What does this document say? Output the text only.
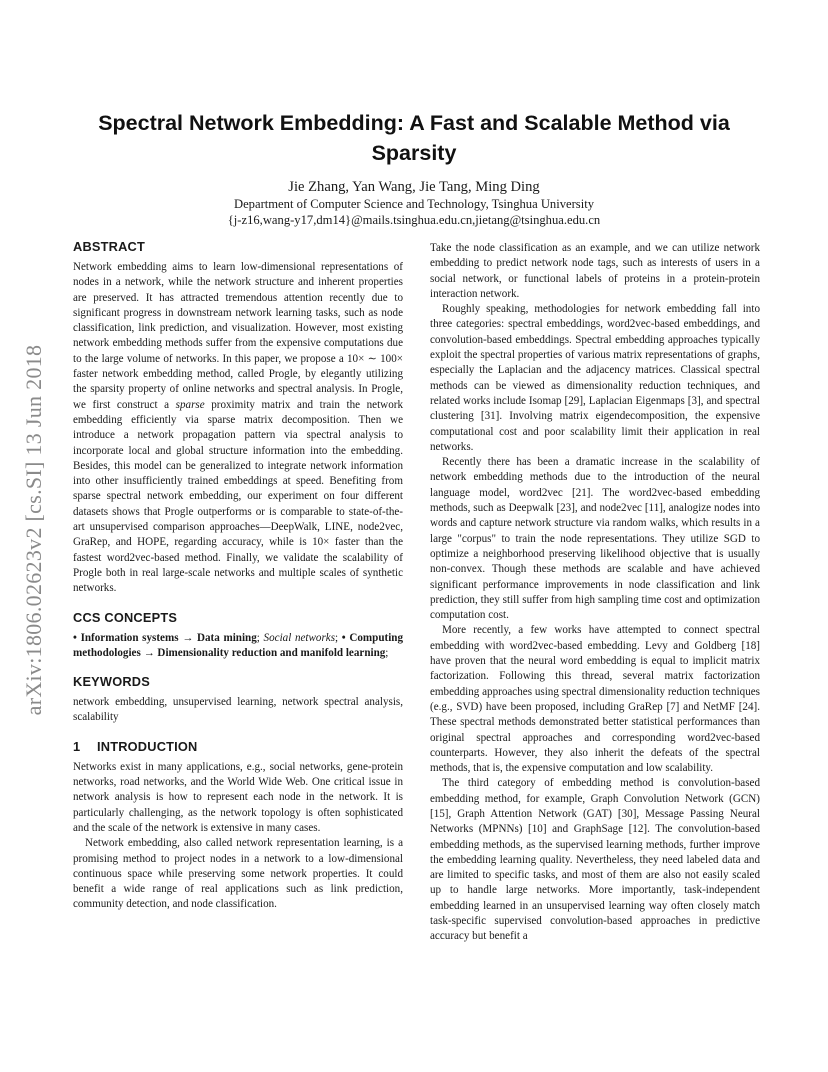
arXiv:1806.02623v2 [cs.SI] 13 Jun 2018
Spectral Network Embedding: A Fast and Scalable Method via Sparsity
Jie Zhang, Yan Wang, Jie Tang, Ming Ding
Department of Computer Science and Technology, Tsinghua University
{j-z16,wang-y17,dm14}@mails.tsinghua.edu.cn,jietang@tsinghua.edu.cn
ABSTRACT

Network embedding aims to learn low-dimensional representations of nodes in a network, while the network structure and inherent properties are preserved. It has attracted tremendous attention recently due to significant progress in downstream network learning tasks, such as node classification, link prediction, and visualization. However, most existing network embedding methods suffer from the expensive computations due to the large volume of networks. In this paper, we propose a 10× ∼ 100× faster network embedding method, called Progle, by elegantly utilizing the sparsity property of online networks and spectral analysis. In Progle, we first construct a sparse proximity matrix and train the network embedding efficiently via sparse matrix decomposition. Then we introduce a network propagation pattern via spectral analysis to incorporate local and global structure information into the embedding. Besides, this model can be generalized to integrate network information into other insufficiently trained embeddings at speed. Benefiting from sparse spectral network embedding, our experiment on four different datasets shows that Progle outperforms or is comparable to state-of-the-art unsupervised comparison approaches—DeepWalk, LINE, node2vec, GraRep, and HOPE, regarding accuracy, while is 10× faster than the fastest word2vec-based method. Finally, we validate the scalability of Progle both in real large-scale networks and multiple scales of synthetic networks.

CCS CONCEPTS

• Information systems → Data mining; Social networks; • Computing methodologies → Dimensionality reduction and manifold learning;

KEYWORDS

network embedding, unsupervised learning, network spectral analysis, scalability

1 INTRODUCTION

Networks exist in many applications, e.g., social networks, gene-protein networks, road networks, and the World Wide Web. One critical issue in network analysis is how to represent each node in the network. It is particularly challenging, as the network topology is often sophisticated and the scale of the network is extensive in many cases.

Network embedding, also called network representation learning, is a promising method to project nodes in a network to a low-dimensional continuous space while preserving some network properties. It could benefit a wide range of real applications such as link prediction, community detection, and node classification.

Take the node classification as an example, and we can utilize network embedding to predict network node tags, such as interests of users in a social network, or functional labels of proteins in a protein-protein interaction network.

Roughly speaking, methodologies for network embedding fall into three categories: spectral embeddings, word2vec-based embeddings, and convolution-based embeddings. Spectral embedding approaches typically exploit the spectral properties of various matrix representations of graphs, especially the Laplacian and the adjacency matrices. Classical spectral methods can be viewed as dimensionality reduction techniques, and related works include Isomap [29], Laplacian Eigenmaps [3], and spectral clustering [31]. Involving matrix eigendecomposition, the expensive computational cost and poor scalability limit their application in real networks.

Recently there has been a dramatic increase in the scalability of network embedding methods due to the introduction of the neural language model, word2vec [21]. The word2vec-based embedding methods, such as Deepwalk [23], and node2vec [11], analogize nodes into words and capture network structure via random walks, which results in a large "corpus" to train the node representations. They utilize SGD to optimize a neighborhood preserving likelihood objective that is usually non-convex. Though these methods are scalable and have achieved significant performance improvements in node classification and link prediction, they still suffer from high sampling time cost and optimization computation cost.

More recently, a few works have attempted to connect spectral embedding with word2vec-based embedding. Levy and Goldberg [18] have proven that the neural word embedding is equal to implicit matrix factorization. Following this thread, several matrix factorization embedding approaches using spectral dimensionality reduction techniques (e.g., SVD) have been proposed, including GraRep [7] and NetMF [24]. These spectral methods demonstrated better statistical performances than original spectral approaches and corresponding word2vec-based counterparts. However, they also inherit the defeats of the spectral methods, that is, the expensive computation and low scalability.

The third category of embedding method is convolution-based embedding method, for example, Graph Convolution Network (GCN) [15], Graph Attention Network (GAT) [30], Message Passing Neural Networks (MPNNs) [10] and GraphSage [12]. The convolution-based embedding methods, as the supervised learning methods, further improve the embedding learning quality. Nevertheless, they need labeled data and are limited to specific tasks, and most of them are also not easily scaled up to handle large networks. More importantly, task-independent embedding learned in an unsupervised learning way often closely match task-specific supervised convolution-based approaches in predictive accuracy but benefit a
